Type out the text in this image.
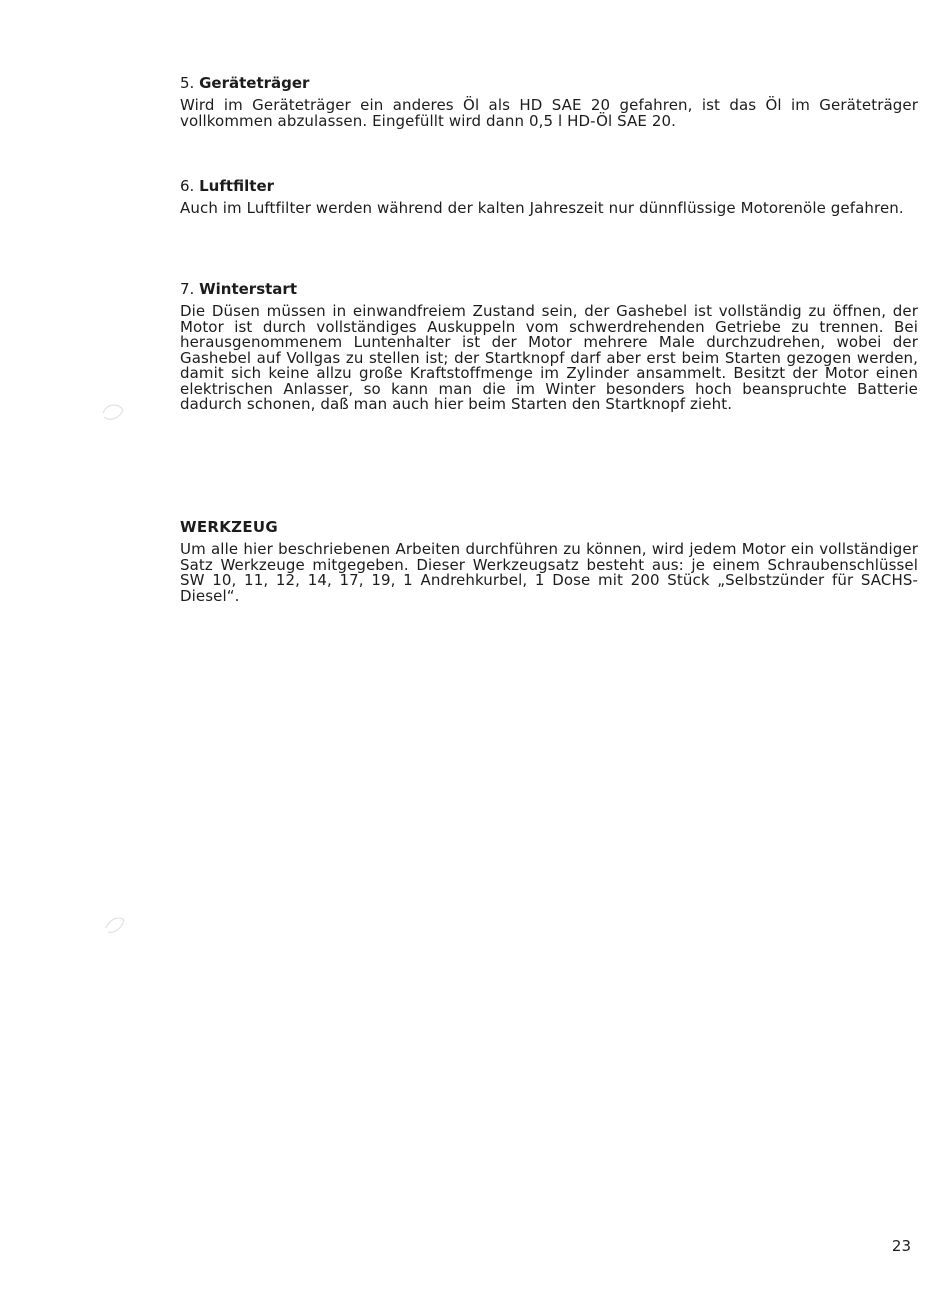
5. Geräteträger

Wird im Geräteträger ein anderes Öl als HD SAE 20 gefahren, ist das Öl im Geräteträger vollkommen abzulassen. Eingefüllt wird dann 0,5 l HD-Öl SAE 20.

6. Luftfilter

Auch im Luftfilter werden während der kalten Jahreszeit nur dünnflüssige Motorenöle gefahren.

7. Winterstart

Die Düsen müssen in einwandfreiem Zustand sein, der Gashebel ist vollständig zu öffnen, der Motor ist durch vollständiges Auskuppeln vom schwerdrehenden Getriebe zu trennen. Bei herausgenommenem Luntenhalter ist der Motor mehrere Male durchzudrehen, wobei der Gashebel auf Vollgas zu stellen ist; der Startknopf darf aber erst beim Starten gezogen werden, damit sich keine allzu große Kraftstoffmenge im Zylinder ansammelt. Besitzt der Motor einen elektrischen Anlasser, so kann man die im Winter besonders hoch beanspruchte Batterie dadurch schonen, daß man auch hier beim Starten den Startknopf zieht.

WERKZEUG

Um alle hier beschriebenen Arbeiten durchführen zu können, wird jedem Motor ein vollständiger Satz Werkzeuge mitgegeben. Dieser Werkzeugsatz besteht aus: je einem Schraubenschlüssel SW 10, 11, 12, 14, 17, 19, 1 Andrehkurbel, 1 Dose mit 200 Stück „Selbstzünder für SACHS-Diesel“.

23
